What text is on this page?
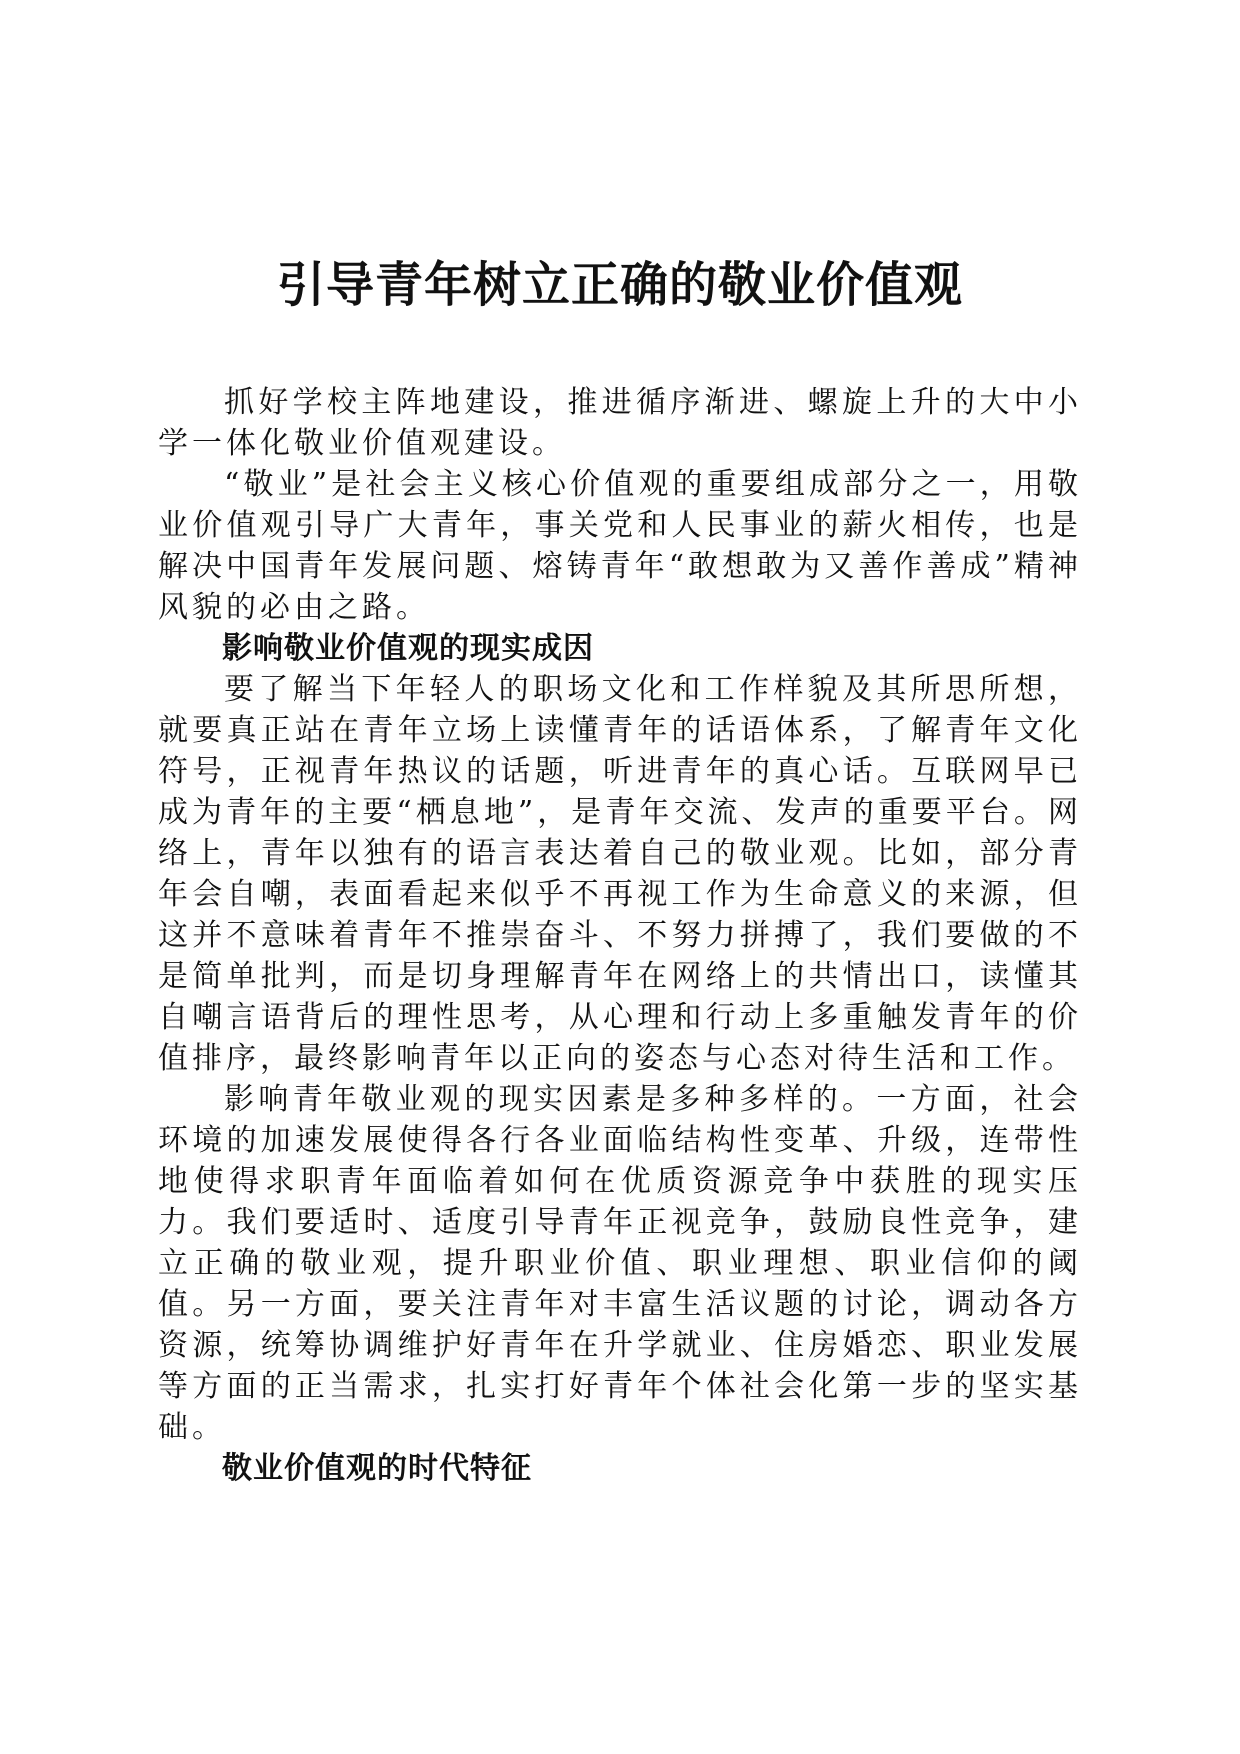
引导青年树立正确的敬业价值观

抓好学校主阵地建设，推进循序渐进、螺旋上升的大中小学一体化敬业价值观建设。

“敬业”是社会主义核心价值观的重要组成部分之一，用敬业价值观引导广大青年，事关党和人民事业的薪火相传，也是解决中国青年发展问题、熔铸青年“敢想敢为又善作善成”精神风貌的必由之路。

影响敬业价值观的现实成因

要了解当下年轻人的职场文化和工作样貌及其所思所想，就要真正站在青年立场上读懂青年的话语体系，了解青年文化符号，正视青年热议的话题，听进青年的真心话。互联网早已成为青年的主要“栖息地”，是青年交流、发声的重要平台。网络上，青年以独有的语言表达着自己的敬业观。比如，部分青年会自嘲，表面看起来似乎不再视工作为生命意义的来源，但这并不意味着青年不推崇奋斗、不努力拼搏了，我们要做的不是简单批判，而是切身理解青年在网络上的共情出口，读懂其自嘲言语背后的理性思考，从心理和行动上多重触发青年的价值排序，最终影响青年以正向的姿态与心态对待生活和工作。

影响青年敬业观的现实因素是多种多样的。一方面，社会环境的加速发展使得各行各业面临结构性变革、升级，连带性地使得求职青年面临着如何在优质资源竞争中获胜的现实压力。我们要适时、适度引导青年正视竞争，鼓励良性竞争，建立正确的敬业观，提升职业价值、职业理想、职业信仰的阈值。另一方面，要关注青年对丰富生活议题的讨论，调动各方资源，统筹协调维护好青年在升学就业、住房婚恋、职业发展等方面的正当需求，扎实打好青年个体社会化第一步的坚实基础。

敬业价值观的时代特征
